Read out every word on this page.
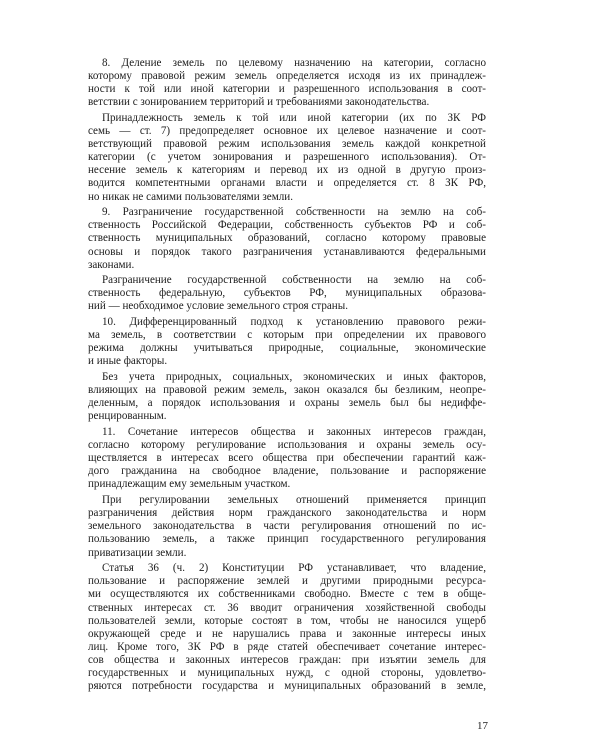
8. Деление земель по целевому назначению на категории, согласно
которому правовой режим земель определяется исходя из их принадлеж-
ности к той или иной категории и разрешенного использования в соот-
ветствии с зонированием территорий и требованиями законодательства.
Принадлежность земель к той или иной категории (их по ЗК РФ
семь — ст. 7) предопределяет основное их целевое назначение и соот-
ветствующий правовой режим использования земель каждой конкретной
категории (с учетом зонирования и разрешенного использования). От-
несение земель к категориям и перевод их из одной в другую произ-
водится компетентными органами власти и определяется ст. 8 ЗК РФ,
но никак не самими пользователями земли.
9. Разграничение государственной собственности на землю на соб-
ственность Российской Федерации, собственность субъектов РФ и соб-
ственность муниципальных образований, согласно которому правовые
основы и порядок такого разграничения устанавливаются федеральными
законами.
Разграничение государственной собственности на землю на соб-
ственность федеральную, субъектов РФ, муниципальных образова-
ний — необходимое условие земельного строя страны.
10. Дифференцированный подход к установлению правового режи-
ма земель, в соответствии с которым при определении их правового
режима должны учитываться природные, социальные, экономические
и иные факторы.
Без учета природных, социальных, экономических и иных факторов,
влияющих на правовой режим земель, закон оказался бы безликим, неопре-
деленным, а порядок использования и охраны земель был бы недиффе-
ренцированным.
11. Сочетание интересов общества и законных интересов граждан,
согласно которому регулирование использования и охраны земель осу-
ществляется в интересах всего общества при обеспечении гарантий каж-
дого гражданина на свободное владение, пользование и распоряжение
принадлежащим ему земельным участком.
При регулировании земельных отношений применяется принцип
разграничения действия норм гражданского законодательства и норм
земельного законодательства в части регулирования отношений по ис-
пользованию земель, а также принцип государственного регулирования
приватизации земли.
Статья 36 (ч. 2) Конституции РФ устанавливает, что владение,
пользование и распоряжение землей и другими природными ресурса-
ми осуществляются их собственниками свободно. Вместе с тем в обще-
ственных интересах ст. 36 вводит ограничения хозяйственной свободы
пользователей земли, которые состоят в том, чтобы не наносился ущерб
окружающей среде и не нарушались права и законные интересы иных
лиц. Кроме того, ЗК РФ в ряде статей обеспечивает сочетание интерес-
сов общества и законных интересов граждан: при изъятии земель для
государственных и муниципальных нужд, с одной стороны, удовлетво-
ряются потребности государства и муниципальных образований в земле,
17
